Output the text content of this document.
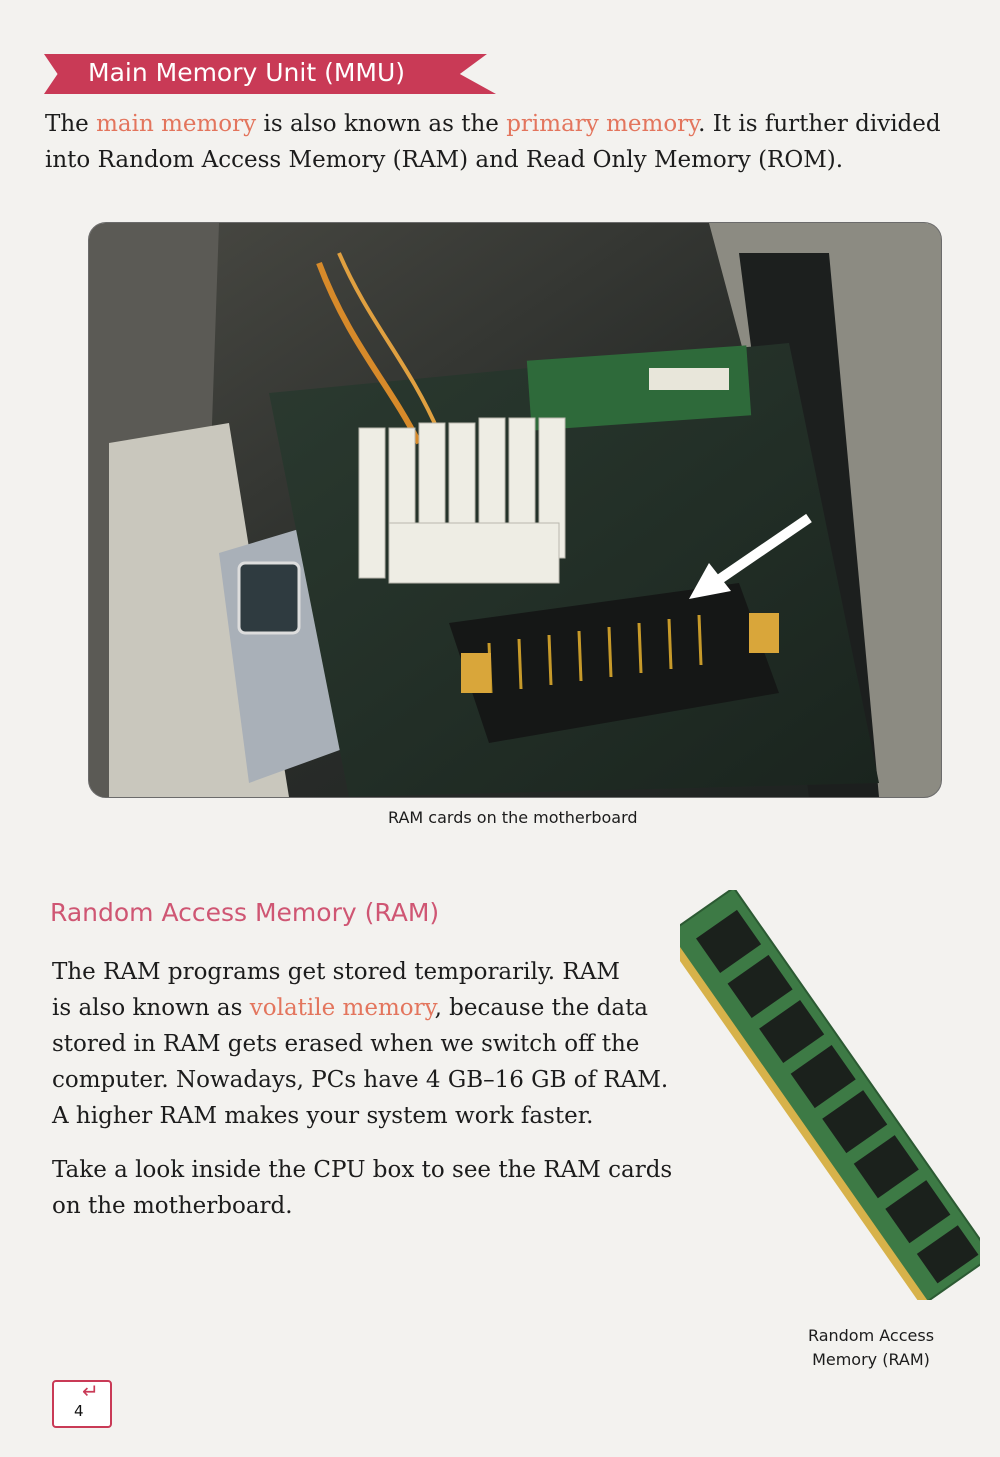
Main Memory Unit (MMU)
The main memory is also known as the primary memory. It is further divided
into Random Access Memory (RAM) and Read Only Memory (ROM).
RAM cards on the motherboard
Random Access Memory (RAM)
The RAM programs get stored temporarily. RAM
is also known as volatile memory, because the data
stored in RAM gets erased when we switch off the
computer. Nowadays, PCs have 4 GB–16 GB of RAM.
A higher RAM makes your system work faster.
Take a look inside the CPU box to see the RAM cards
on the motherboard.
Random Access
Memory (RAM)
↵
4
